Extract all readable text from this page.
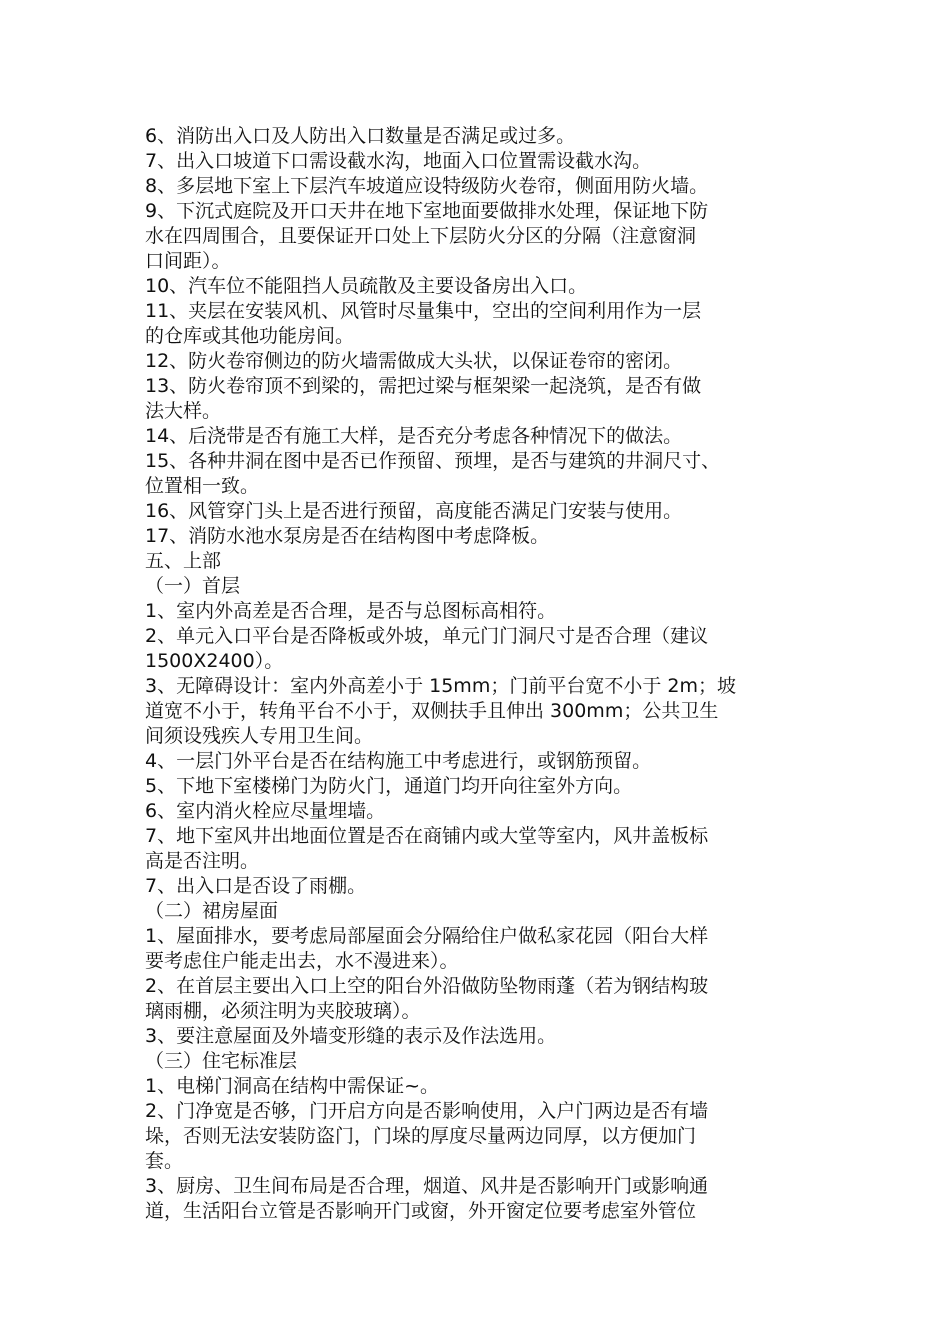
6、消防出入口及人防出入口数量是否满足或过多。
7、出入口坡道下口需设截水沟，地面入口位置需设截水沟。
8、多层地下室上下层汽车坡道应设特级防火卷帘，侧面用防火墙。
9、下沉式庭院及开口天井在地下室地面要做排水处理，保证地下防
水在四周围合，且要保证开口处上下层防火分区的分隔（注意窗洞
口间距）。
10、汽车位不能阻挡人员疏散及主要设备房出入口。
11、夹层在安装风机、风管时尽量集中，空出的空间利用作为一层
的仓库或其他功能房间。
12、防火卷帘侧边的防火墙需做成大头状，以保证卷帘的密闭。
13、防火卷帘顶不到梁的，需把过梁与框架梁一起浇筑，是否有做
法大样。
14、后浇带是否有施工大样，是否充分考虑各种情况下的做法。
15、各种井洞在图中是否已作预留、预埋，是否与建筑的井洞尺寸、
位置相一致。
16、风管穿门头上是否进行预留，高度能否满足门安装与使用。
17、消防水池水泵房是否在结构图中考虑降板。
五、上部
（一）首层
1、室内外高差是否合理，是否与总图标高相符。
2、单元入口平台是否降板或外坡，单元门门洞尺寸是否合理（建议
1500X2400）。
3、无障碍设计：室内外高差小于 15mm；门前平台宽不小于 2m；坡
道宽不小于，转角平台不小于，双侧扶手且伸出 300mm；公共卫生
间须设残疾人专用卫生间。
4、一层门外平台是否在结构施工中考虑进行，或钢筋预留。
5、下地下室楼梯门为防火门，通道门均开向往室外方向。
6、室内消火栓应尽量埋墙。
7、地下室风井出地面位置是否在商铺内或大堂等室内，风井盖板标
高是否注明。
7、出入口是否设了雨棚。
（二）裙房屋面
1、屋面排水，要考虑局部屋面会分隔给住户做私家花园（阳台大样
要考虑住户能走出去，水不漫进来）。
2、在首层主要出入口上空的阳台外沿做防坠物雨蓬（若为钢结构玻
璃雨棚，必须注明为夹胶玻璃）。
3、要注意屋面及外墙变形缝的表示及作法选用。
（三）住宅标准层
1、电梯门洞高在结构中需保证~。
2、门净宽是否够，门开启方向是否影响使用，入户门两边是否有墙
垛，否则无法安装防盗门，门垛的厚度尽量两边同厚，以方便加门
套。
3、厨房、卫生间布局是否合理，烟道、风井是否影响开门或影响通
道，生活阳台立管是否影响开门或窗，外开窗定位要考虑室外管位
